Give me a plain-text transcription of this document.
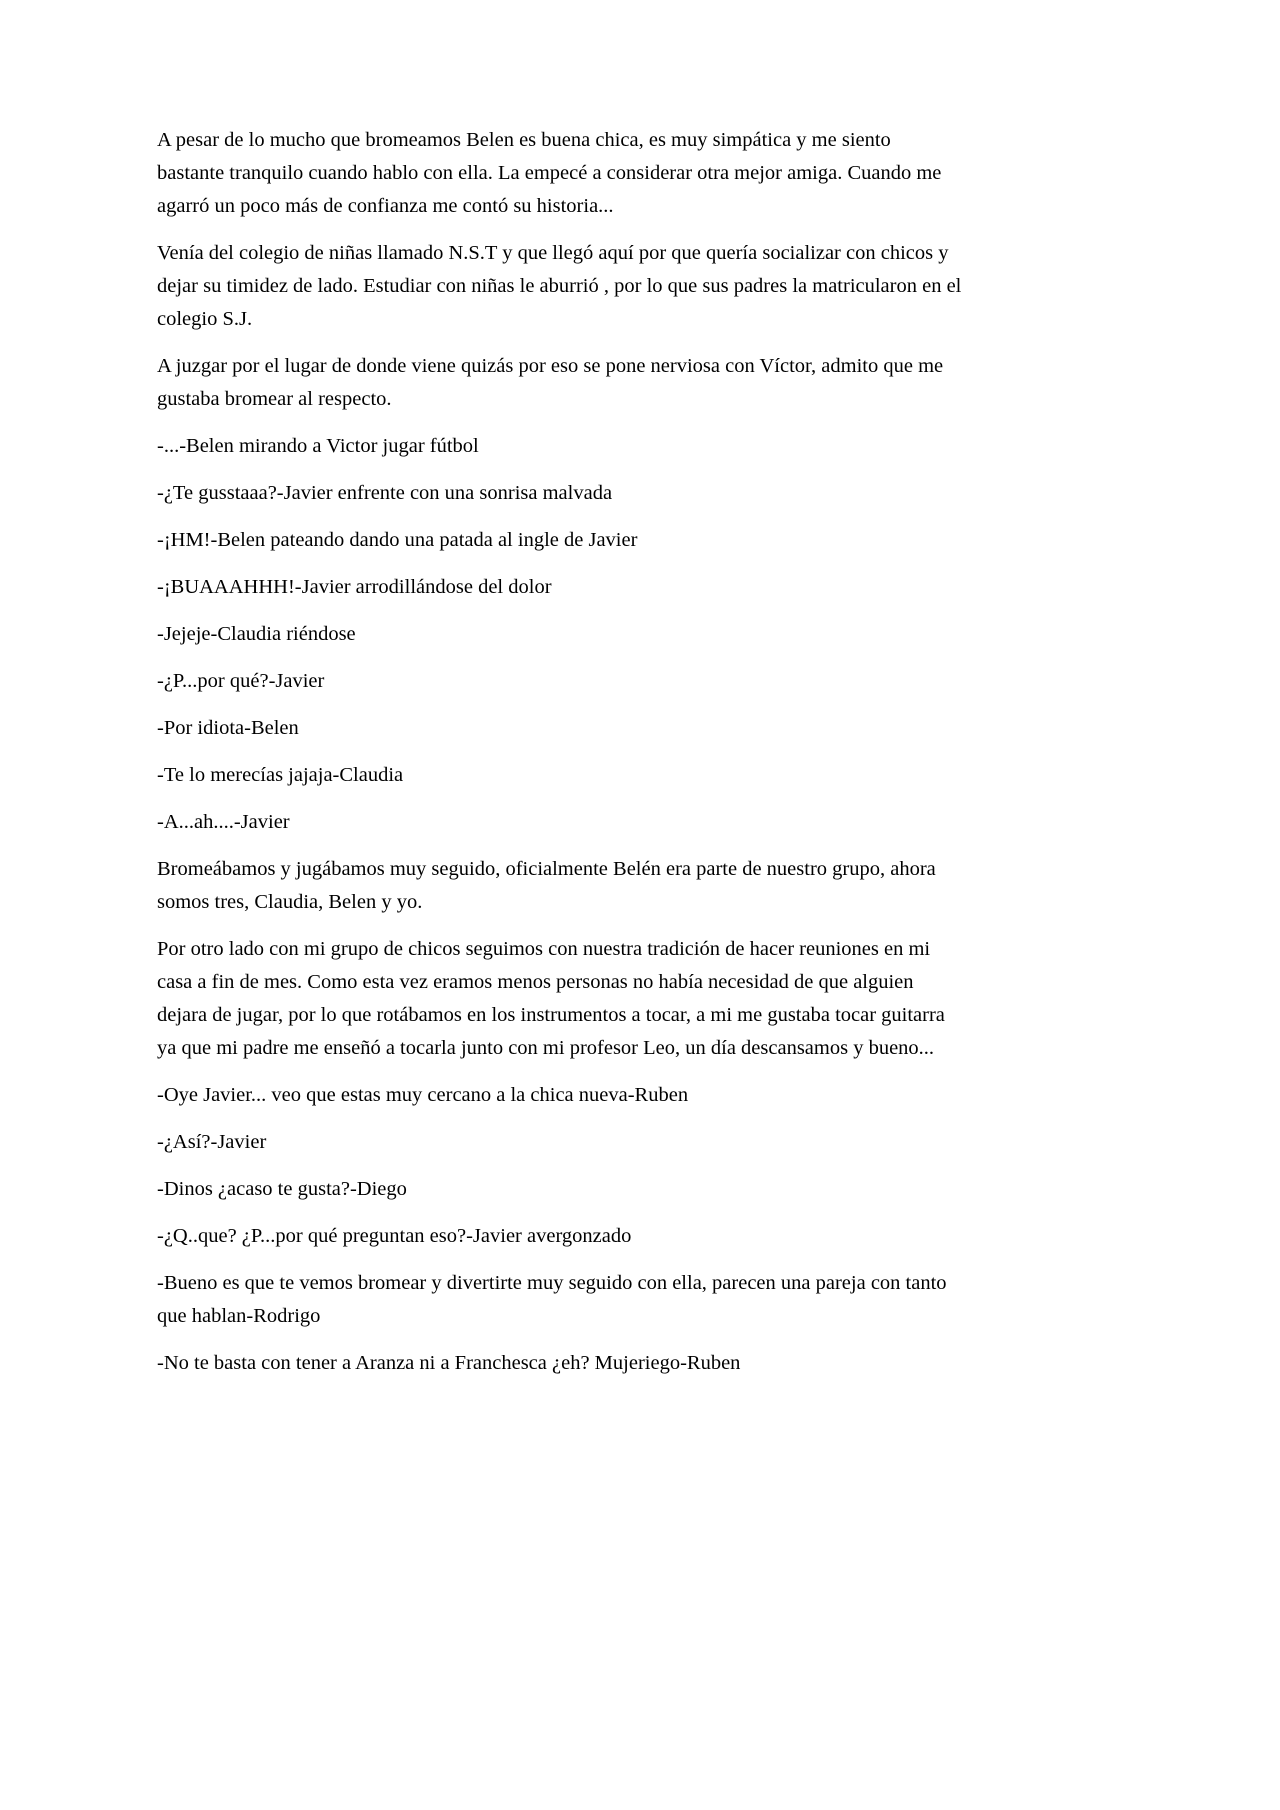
A pesar de lo mucho que bromeamos Belen es buena chica, es muy simpática y me siento bastante tranquilo cuando hablo con ella. La empecé a considerar otra mejor amiga. Cuando me agarró un poco más de confianza me contó su historia...

Venía del colegio de niñas llamado N.S.T y que llegó aquí por que quería socializar con chicos y dejar su timidez de lado. Estudiar con niñas le aburrió , por lo que sus padres la matricularon en el colegio S.J.

A juzgar por el lugar de donde viene quizás por eso se pone nerviosa con Víctor, admito que me gustaba bromear al respecto.

-...-Belen mirando a Victor jugar fútbol

-¿Te gusstaaa?-Javier enfrente con una sonrisa malvada

-¡HM!-Belen pateando dando una patada al ingle de Javier

-¡BUAAAHHH!-Javier arrodillándose del dolor

-Jejeje-Claudia riéndose

-¿P...por qué?-Javier

-Por idiota-Belen

-Te lo merecías jajaja-Claudia

-A...ah....-Javier

Bromeábamos y jugábamos muy seguido, oficialmente Belén era parte de nuestro grupo, ahora somos tres, Claudia, Belen y yo.

Por otro lado con mi grupo de chicos seguimos con nuestra tradición de hacer reuniones en mi casa a fin de mes. Como esta vez eramos menos personas no había necesidad de que alguien dejara de jugar, por lo que rotábamos en los instrumentos a tocar, a mi me gustaba tocar guitarra ya que mi padre me enseñó a tocarla junto con mi profesor Leo, un día descansamos y bueno...

-Oye Javier... veo que estas muy cercano a la chica nueva-Ruben

-¿Así?-Javier

-Dinos ¿acaso te gusta?-Diego

-¿Q..que? ¿P...por qué preguntan eso?-Javier avergonzado

-Bueno es que te vemos bromear y divertirte muy seguido con ella, parecen una pareja con tanto que hablan-Rodrigo

-No te basta con tener a Aranza ni a Franchesca ¿eh? Mujeriego-Ruben
